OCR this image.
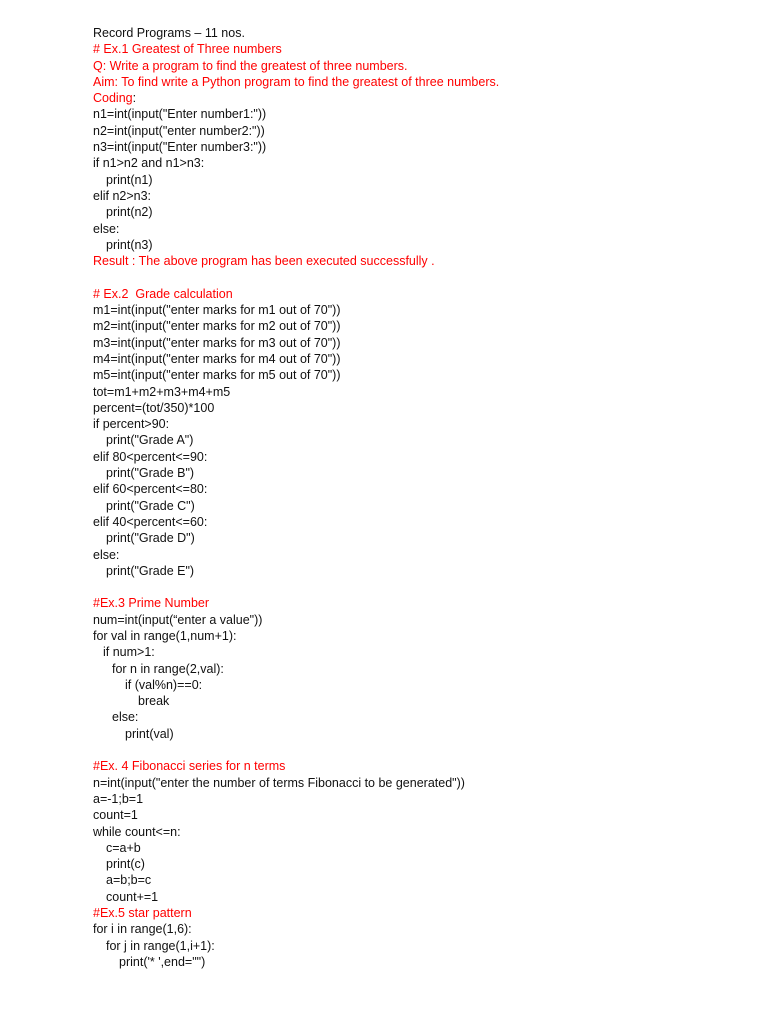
Record Programs – 11 nos.
# Ex.1 Greatest of Three numbers
Q: Write a program to find the greatest of three numbers.
Aim: To find write a Python program to find the greatest of three numbers.
Coding:
n1=int(input("Enter number1:"))
n2=int(input("enter number2:"))
n3=int(input("Enter number3:"))
if n1>n2 and n1>n3:
print(n1)
elif n2>n3:
print(n2)
else:
print(n3)
Result : The above program has been executed successfully .
# Ex.2  Grade calculation
m1=int(input("enter marks for m1 out of 70"))
m2=int(input("enter marks for m2 out of 70"))
m3=int(input("enter marks for m3 out of 70"))
m4=int(input("enter marks for m4 out of 70"))
m5=int(input("enter marks for m5 out of 70"))
tot=m1+m2+m3+m4+m5
percent=(tot/350)*100
if percent>90:
print("Grade A")
elif 80<percent<=90:
print("Grade B")
elif 60<percent<=80:
print("Grade C")
elif 40<percent<=60:
print("Grade D")
else:
print("Grade E")
#Ex.3 Prime Number
num=int(input(“enter a value"))
for val in range(1,num+1):
if num>1:
for n in range(2,val):
if (val%n)==0:
break
else:
print(val)
#Ex. 4 Fibonacci series for n terms
n=int(input("enter the number of terms Fibonacci to be generated"))
a=-1;b=1
count=1
while count<=n:
c=a+b
print(c)
a=b;b=c
count+=1
#Ex.5 star pattern
for i in range(1,6):
for j in range(1,i+1):
print('* ',end="")
